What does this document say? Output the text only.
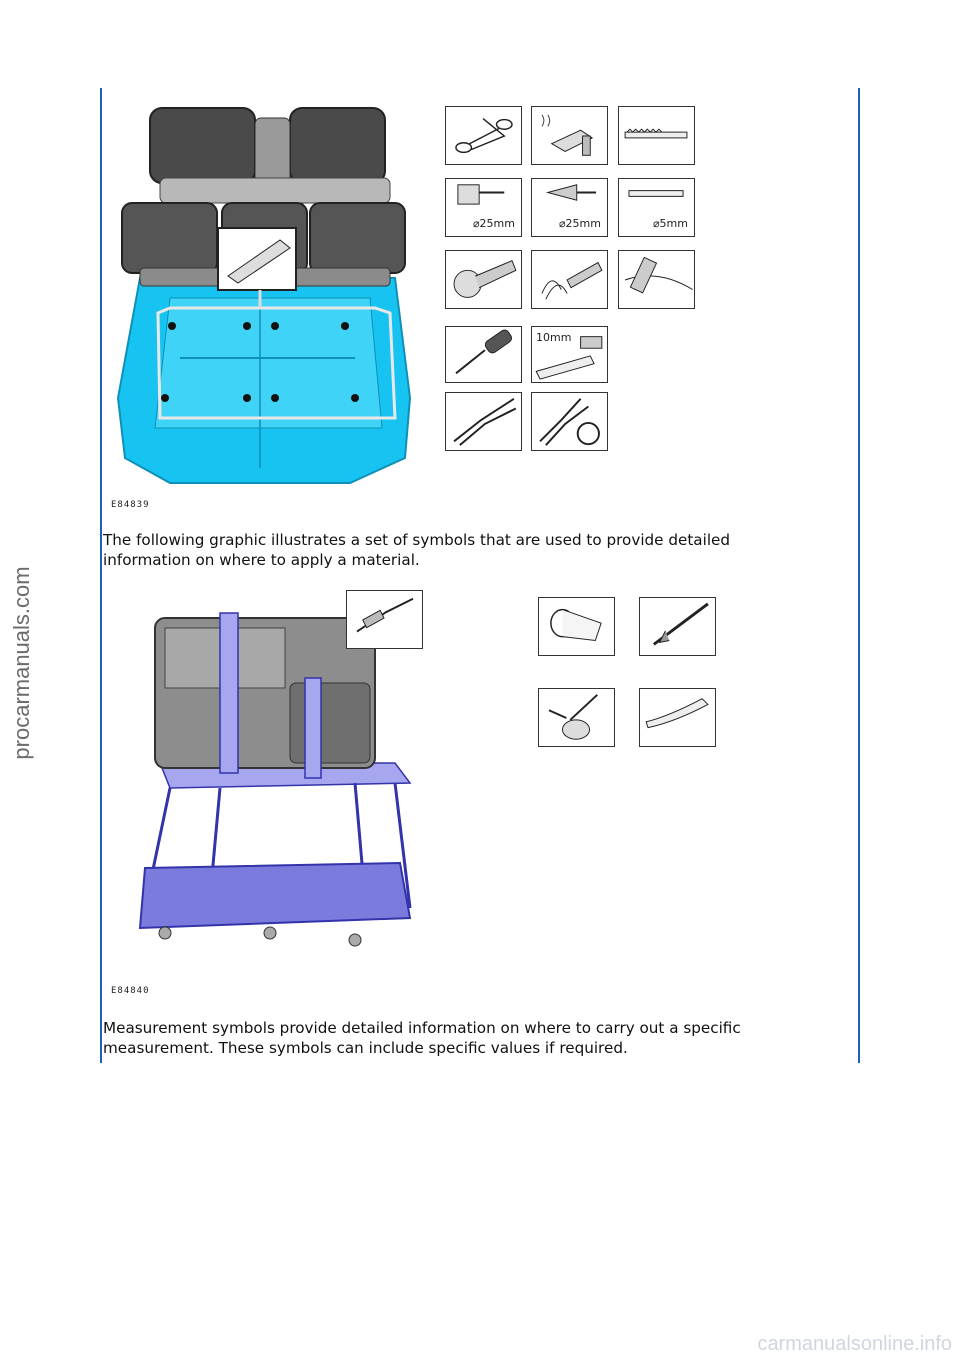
procarmanuals.com
E84839
⌀25mm	⌀25mm	⌀5mm
10mm
The following graphic illustrates a set of symbols that are used to provide detailed information on where to apply a material.
E84840
Measurement symbols provide detailed information on where to carry out a specific measurement. These symbols can include specific values if required.
carmanualsonline.info
